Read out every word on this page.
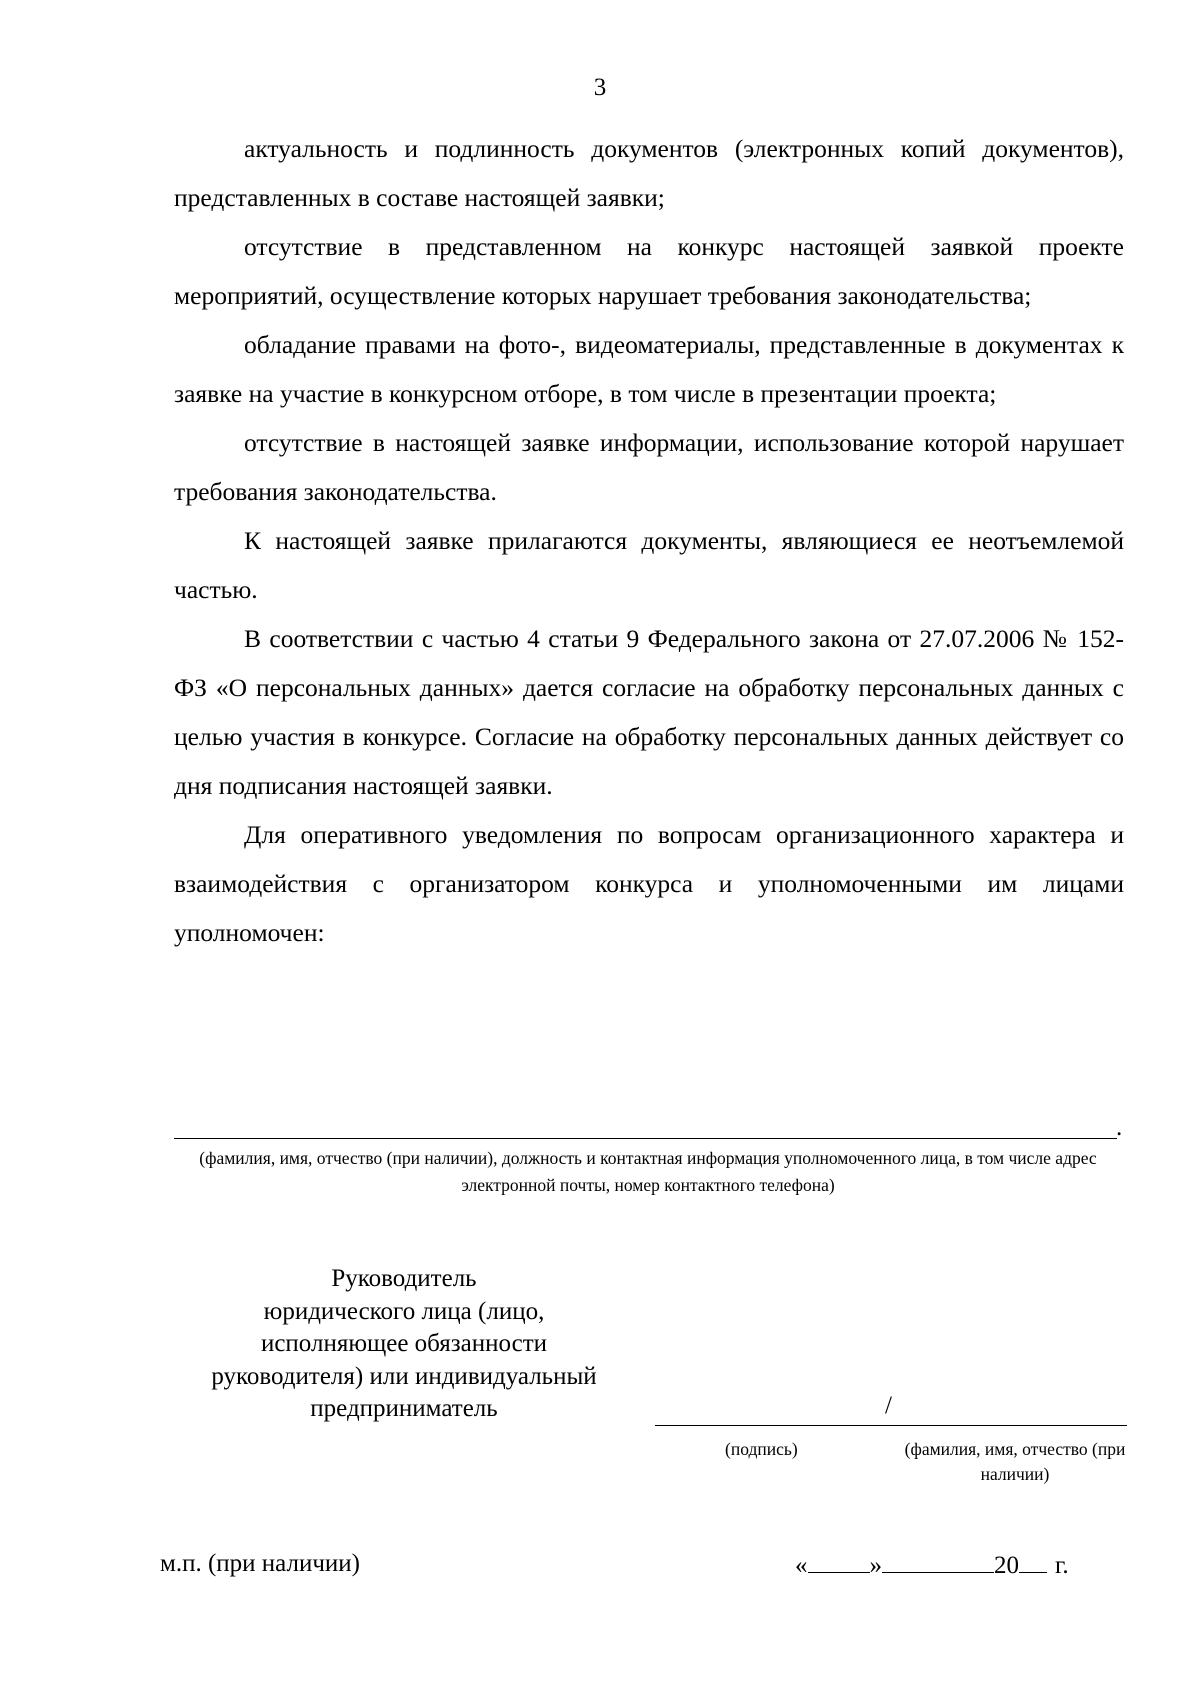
3

актуальность и подлинность документов (электронных копий документов), представленных в составе настоящей заявки;

отсутствие в представленном на конкурс настоящей заявкой проекте мероприятий, осуществление которых нарушает требования законодательства;

обладание правами на фото-, видеоматериалы, представленные в документах к заявке на участие в конкурсном отборе, в том числе в презентации проекта;

отсутствие в настоящей заявке информации, использование которой нарушает требования законодательства.

К настоящей заявке прилагаются документы, являющиеся ее неотъемлемой частью.

В соответствии с частью 4 статьи 9 Федерального закона от 27.07.2006 № 152-ФЗ «О персональных данных» дается согласие на обработку персональных данных с целью участия в конкурсе. Согласие на обработку персональных данных действует со дня подписания настоящей заявки.

Для оперативного уведомления по вопросам организационного характера и взаимодействия с организатором конкурса и уполномоченными им лицами уполномочен:

.
(фамилия, имя, отчество (при наличии), должность и контактная информация уполномоченного лица, в том числе адрес электронной почты, номер контактного телефона)
Руководитель
юридического лица (лицо,
исполняющее обязанности
руководителя) или индивидуальный
предприниматель	/
(подпись)	(фамилия, имя, отчество (при наличии)
м.п. (при наличии)	« »	20 г.
